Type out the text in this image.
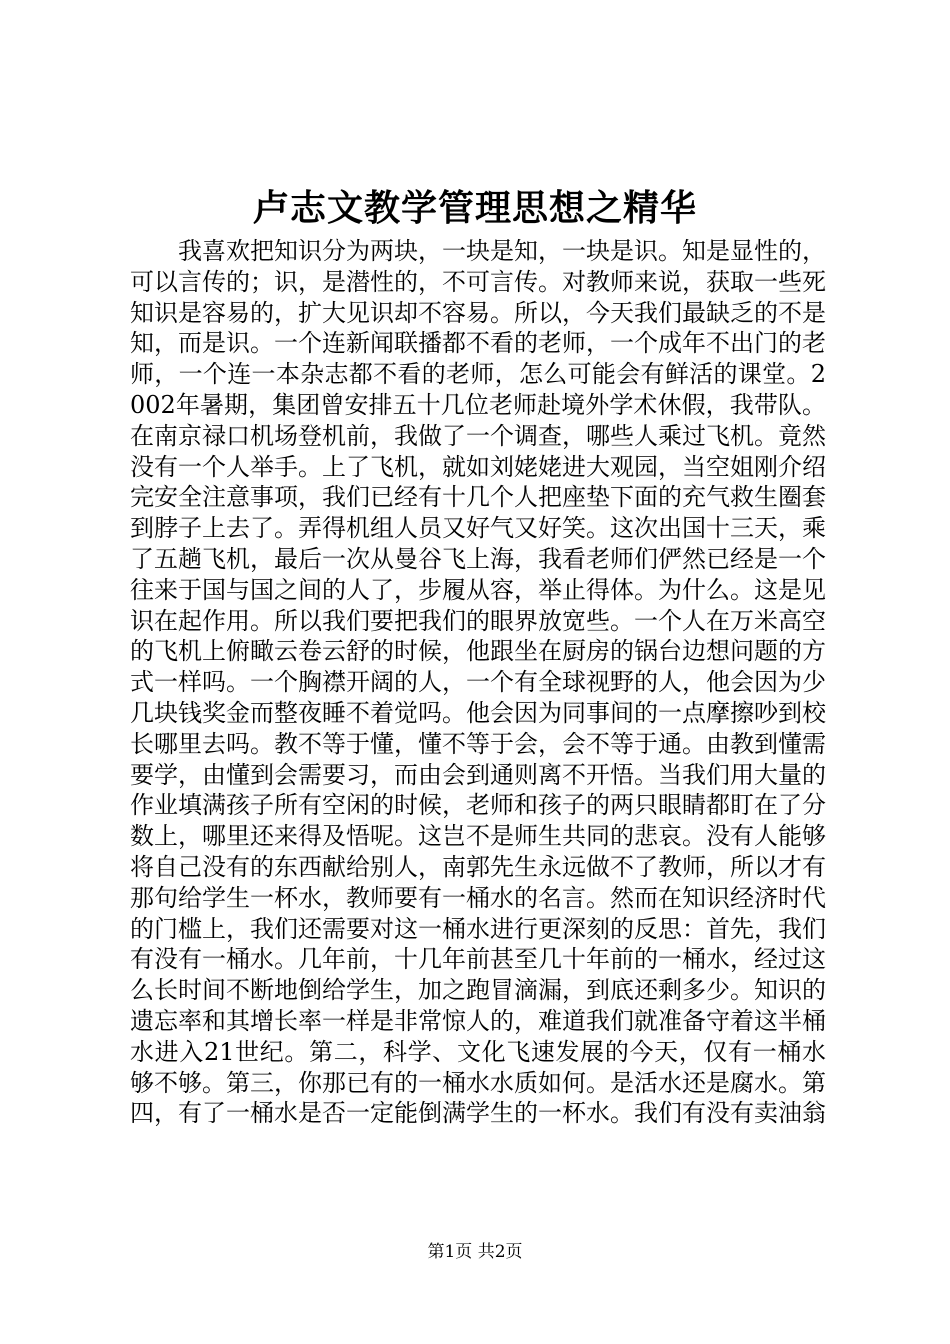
卢志文教学管理思想之精华

我喜欢把知识分为两块，一块是知，一块是识。知是显性的，可以言传的；识，是潜性的，不可言传。对教师来说，获取一些死知识是容易的，扩大见识却不容易。所以，今天我们最缺乏的不是知，而是识。一个连新闻联播都不看的老师，一个成年不出门的老师，一个连一本杂志都不看的老师，怎么可能会有鲜活的课堂。2002年暑期，集团曾安排五十几位老师赴境外学术休假，我带队。在南京禄口机场登机前，我做了一个调查，哪些人乘过飞机。竟然没有一个人举手。上了飞机，就如刘姥姥进大观园，当空姐刚介绍完安全注意事项，我们已经有十几个人把座垫下面的充气救生圈套到脖子上去了。弄得机组人员又好气又好笑。这次出国十三天，乘了五趟飞机，最后一次从曼谷飞上海，我看老师们俨然已经是一个往来于国与国之间的人了，步履从容，举止得体。为什么。这是见识在起作用。所以我们要把我们的眼界放宽些。一个人在万米高空的飞机上俯瞰云卷云舒的时候，他跟坐在厨房的锅台边想问题的方式一样吗。一个胸襟开阔的人，一个有全球视野的人，他会因为少几块钱奖金而整夜睡不着觉吗。他会因为同事间的一点摩擦吵到校长哪里去吗。教不等于懂，懂不等于会，会不等于通。由教到懂需要学，由懂到会需要习，而由会到通则离不开悟。当我们用大量的作业填满孩子所有空闲的时候，老师和孩子的两只眼睛都盯在了分数上，哪里还来得及悟呢。这岂不是师生共同的悲哀。没有人能够将自己没有的东西献给别人，南郭先生永远做不了教师，所以才有那句给学生一杯水，教师要有一桶水的名言。然而在知识经济时代的门槛上，我们还需要对这一桶水进行更深刻的反思：首先，我们有没有一桶水。几年前，十几年前甚至几十年前的一桶水，经过这么长时间不断地倒给学生，加之跑冒滴漏，到底还剩多少。知识的遗忘率和其增长率一样是非常惊人的，难道我们就准备守着这半桶水进入21世纪。第二，科学、文化飞速发展的今天，仅有一桶水够不够。第三，你那已有的一桶水水质如何。是活水还是腐水。第四，有了一桶水是否一定能倒满学生的一杯水。我们有没有卖油翁

第1页 共2页
